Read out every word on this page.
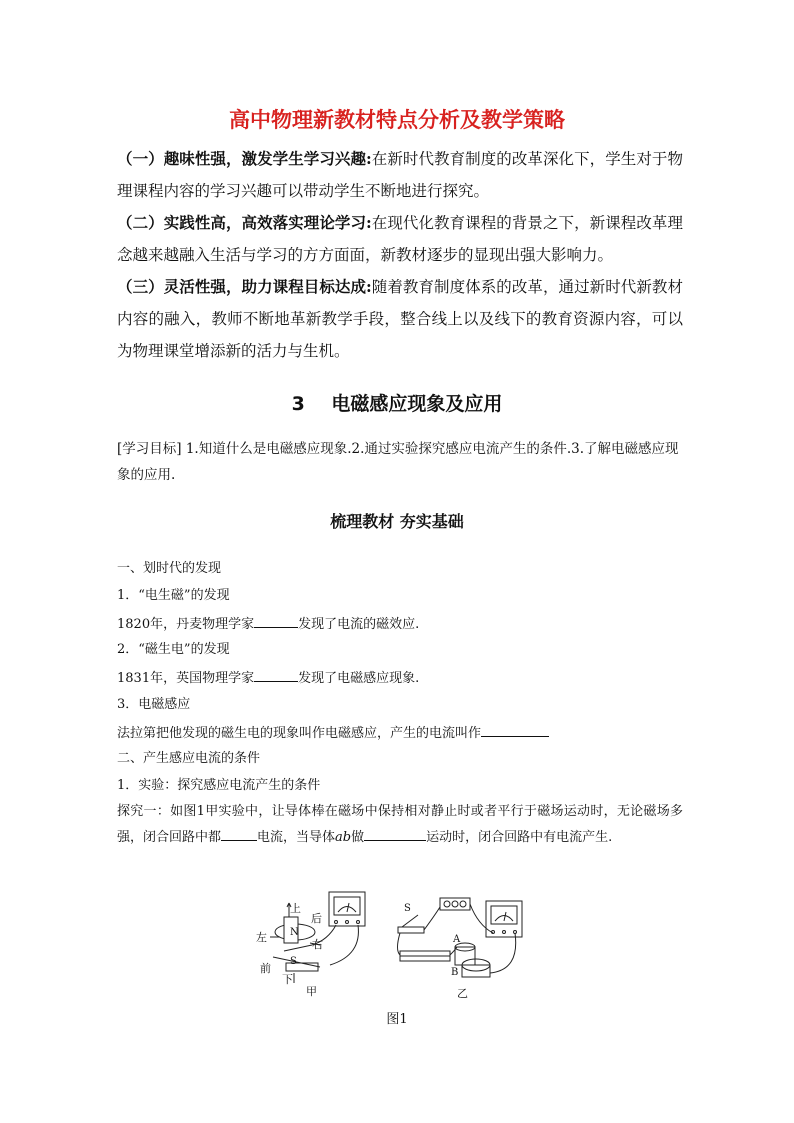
高中物理新教材特点分析及教学策略
（一）趣味性强，激发学生学习兴趣:在新时代教育制度的改革深化下，学生对于物理课程内容的学习兴趣可以带动学生不断地进行探究。
（二）实践性高，高效落实理论学习:在现代化教育课程的背景之下，新课程改革理念越来越融入生活与学习的方方面面，新教材逐步的显现出强大影响力。
（三）灵活性强，助力课程目标达成:随着教育制度体系的改革，通过新时代新教材内容的融入，教师不断地革新教学手段，整合线上以及线下的教育资源内容，可以为物理课堂增添新的活力与生机。
3 电磁感应现象及应用
[学习目标] 1.知道什么是电磁感应现象.2.通过实验探究感应电流产生的条件.3.了解电磁感应现象的应用.
梳理教材 夯实基础
一、划时代的发现
1．“电生磁”的发现
1820年，丹麦物理学家	发现了电流的磁效应.
2．“磁生电”的发现
1831年，英国物理学家	发现了电磁感应现象.
3．电磁感应
法拉第把他发现的磁生电的现象叫作电磁感应，产生的电流叫作
二、产生感应电流的条件
1．实验：探究感应电流产生的条件
探究一：如图1甲实验中，让导体棒在磁场中保持相对静止时或者平行于磁场运动时，无论磁场多强，闭合回路中都	电流，当导体ab做	运动时，闭合回路中有电流产生.
上
左
后
右
前
下
N
S
甲
S
A
B
乙
图1
